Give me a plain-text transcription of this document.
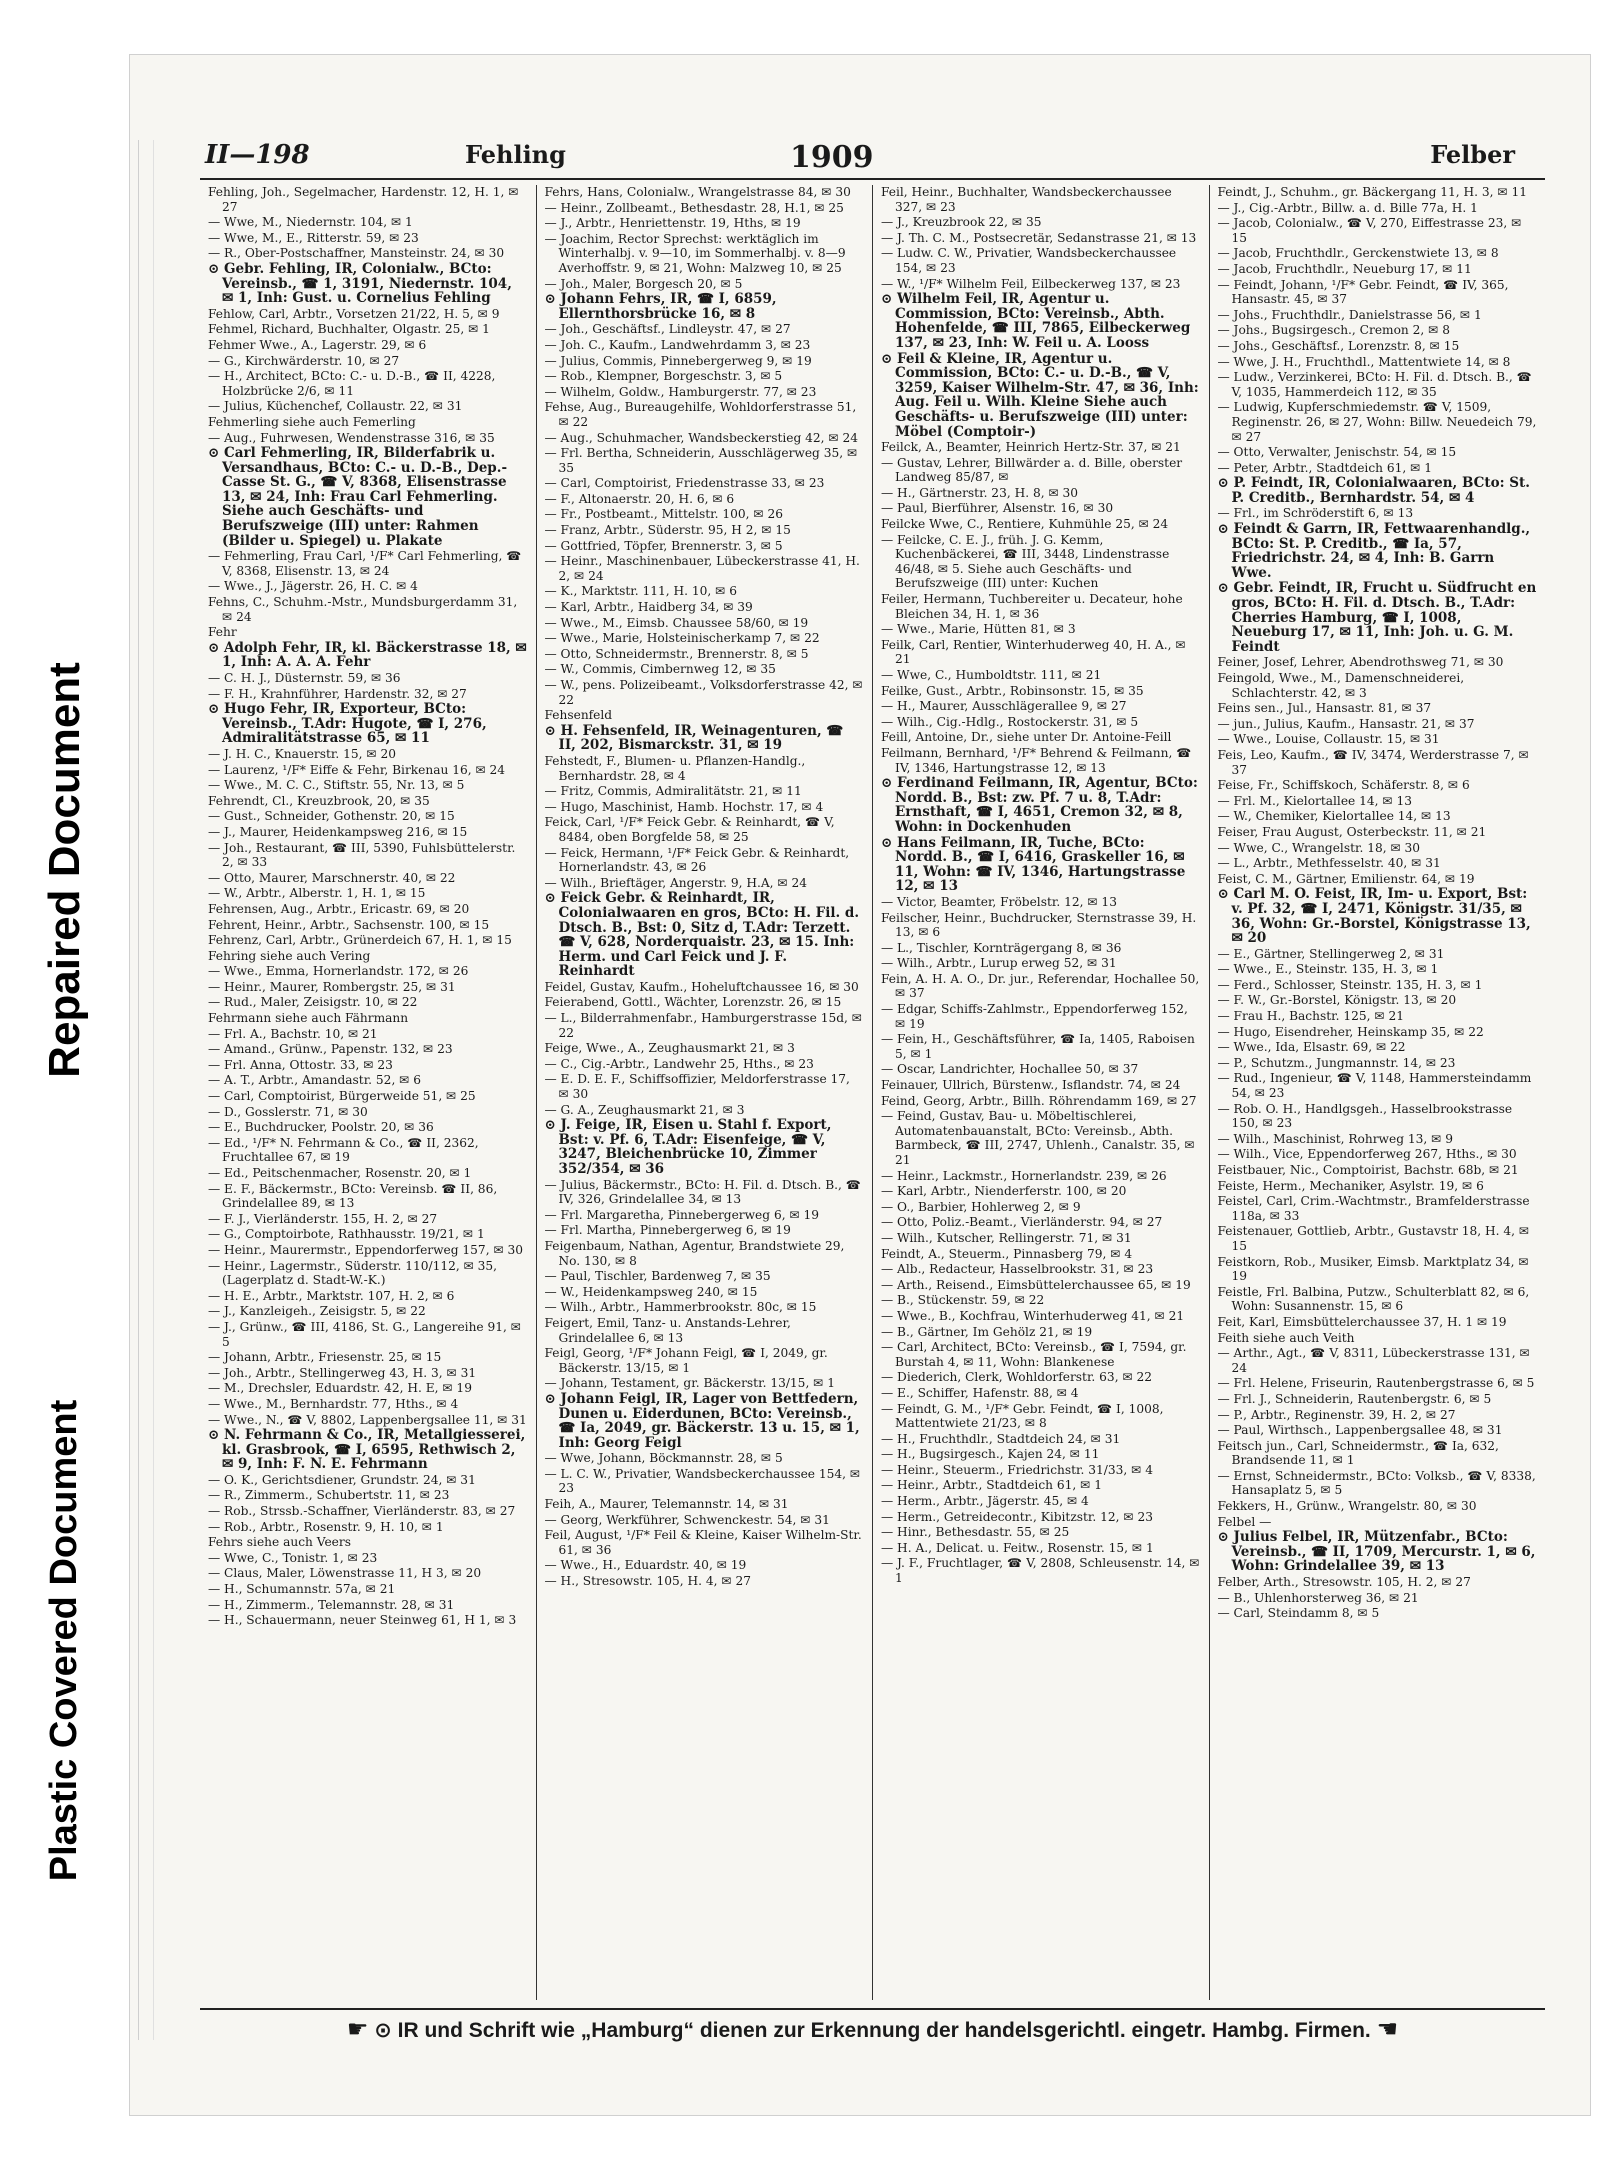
Repaired Document
Plastic Covered Document
II—198	Fehling	1909	Felber
Fehling, Joh., Segelmacher, Hardenstr. 12, H. 1, ✉ 27
— Wwe, M., Niedernstr. 104, ✉ 1
— Wwe, M., E., Ritterstr. 59, ✉ 23
— R., Ober-Postschaffner, Mansteinstr. 24, ✉ 30
⊙ Gebr. Fehling, IR, Colonialw., BCto: Vereinsb., ☎ 1, 3191, Niedernstr. 104, ✉ 1, Inh: Gust. u. Cornelius Fehling
Fehlow, Carl, Arbtr., Vorsetzen 21/22, H. 5, ✉ 9
Fehmel, Richard, Buchhalter, Olgastr. 25, ✉ 1
Fehmer Wwe., A., Lagerstr. 29, ✉ 6
— G., Kirchwärderstr. 10, ✉ 27
— H., Architect, BCto: C.- u. D.-B., ☎ II, 4228, Holzbrücke 2/6, ✉ 11
— Julius, Küchenchef, Collaustr. 22, ✉ 31
Fehmerling siehe auch Femerling
— Aug., Fuhrwesen, Wendenstrasse 316, ✉ 35
⊙ Carl Fehmerling, IR, Bilderfabrik u. Versandhaus, BCto: C.- u. D.-B., Dep.-Casse St. G., ☎ V, 8368, Elisenstrasse 13, ✉ 24, Inh: Frau Carl Fehmerling. Siehe auch Geschäfts- und Berufszweige (III) unter: Rahmen (Bilder u. Spiegel) u. Plakate
— Fehmerling, Frau Carl, ¹/F* Carl Fehmerling, ☎ V, 8368, Elisenstr. 13, ✉ 24
— Wwe., J., Jägerstr. 26, H. C. ✉ 4
Fehns, C., Schuhm.-Mstr., Mundsburgerdamm 31, ✉ 24
Fehr
⊙ Adolph Fehr, IR, kl. Bäckerstrasse 18, ✉ 1, Inh: A. A. A. Fehr
— C. H. J., Düsternstr. 59, ✉ 36
— F. H., Krahnführer, Hardenstr. 32, ✉ 27
⊙ Hugo Fehr, IR, Exporteur, BCto: Vereinsb., T.Adr: Hugote, ☎ I, 276, Admiralitätstrasse 65, ✉ 11
— J. H. C., Knauerstr. 15, ✉ 20
— Laurenz, ¹/F* Eiffe & Fehr, Birkenau 16, ✉ 24
— Wwe., M. C. C., Stiftstr. 55, Nr. 13, ✉ 5
Fehrendt, Cl., Kreuzbrook, 20, ✉ 35
— Gust., Schneider, Gothenstr. 20, ✉ 15
— J., Maurer, Heidenkampsweg 216, ✉ 15
— Joh., Restaurant, ☎ III, 5390, Fuhlsbüttelerstr. 2, ✉ 33
— Otto, Maurer, Marschnerstr. 40, ✉ 22
— W., Arbtr., Alberstr. 1, H. 1, ✉ 15
Fehrensen, Aug., Arbtr., Ericastr. 69, ✉ 20
Fehrent, Heinr., Arbtr., Sachsenstr. 100, ✉ 15
Fehrenz, Carl, Arbtr., Grünerdeich 67, H. 1, ✉ 15
Fehring siehe auch Vering
— Wwe., Emma, Hornerlandstr. 172, ✉ 26
— Heinr., Maurer, Rombergstr. 25, ✉ 31
— Rud., Maler, Zeisigstr. 10, ✉ 22
Fehrmann siehe auch Fährmann
— Frl. A., Bachstr. 10, ✉ 21
— Amand., Grünw., Papenstr. 132, ✉ 23
— Frl. Anna, Ottostr. 33, ✉ 23
— A. T., Arbtr., Amandastr. 52, ✉ 6
— Carl, Comptoirist, Bürgerweide 51, ✉ 25
— D., Gosslerstr. 71, ✉ 30
— E., Buchdrucker, Poolstr. 20, ✉ 36
— Ed., ¹/F* N. Fehrmann & Co., ☎ II, 2362, Fruchtallee 67, ✉ 19
— Ed., Peitschenmacher, Rosenstr. 20, ✉ 1
— E. F., Bäckermstr., BCto: Vereinsb. ☎ II, 86, Grindelallee 89, ✉ 13
— F. J., Vierländerstr. 155, H. 2, ✉ 27
— G., Comptoirbote, Rathhausstr. 19/21, ✉ 1
— Heinr., Maurermstr., Eppendorferweg 157, ✉ 30
— Heinr., Lagermstr., Süderstr. 110/112, ✉ 35, (Lagerplatz d. Stadt-W.-K.)
— H. E., Arbtr., Marktstr. 107, H. 2, ✉ 6
— J., Kanzleigeh., Zeisigstr. 5, ✉ 22
— J., Grünw., ☎ III, 4186, St. G., Langereihe 91, ✉ 5
— Johann, Arbtr., Friesenstr. 25, ✉ 15
— Joh., Arbtr., Stellingerweg 43, H. 3, ✉ 31
— M., Drechsler, Eduardstr. 42, H. E, ✉ 19
— Wwe., M., Bernhardstr. 77, Hths., ✉ 4
— Wwe., N., ☎ V, 8802, Lappenbergsallee 11, ✉ 31
⊙ N. Fehrmann & Co., IR, Metallgiesserei, kl. Grasbrook, ☎ I, 6595, Rethwisch 2, ✉ 9, Inh: F. N. E. Fehrmann
— O. K., Gerichtsdiener, Grundstr. 24, ✉ 31
— R., Zimmerm., Schubertstr. 11, ✉ 23
— Rob., Strssb.-Schaffner, Vierländerstr. 83, ✉ 27
— Rob., Arbtr., Rosenstr. 9, H. 10, ✉ 1
Fehrs siehe auch Veers
— Wwe, C., Tonistr. 1, ✉ 23
— Claus, Maler, Löwenstrasse 11, H 3, ✉ 20
— H., Schumannstr. 57a, ✉ 21
— H., Zimmerm., Telemannstr. 28, ✉ 31
— H., Schauermann, neuer Steinweg 61, H 1, ✉ 3
Fehrs, Hans, Colonialw., Wrangelstrasse 84, ✉ 30
— Heinr., Zollbeamt., Bethesdastr. 28, H.1, ✉ 25
— J., Arbtr., Henriettenstr. 19, Hths, ✉ 19
— Joachim, Rector Sprechst: werktäglich im Winterhalbj. v. 9—10, im Sommerhalbj. v. 8—9 Averhoffstr. 9, ✉ 21, Wohn: Malzweg 10, ✉ 25
— Joh., Maler, Borgesch 20, ✉ 5
⊙ Johann Fehrs, IR, ☎ I, 6859, Ellernthorsbrücke 16, ✉ 8
— Joh., Geschäftsf., Lindleystr. 47, ✉ 27
— Joh. C., Kaufm., Landwehrdamm 3, ✉ 23
— Julius, Commis, Pinnebergerweg 9, ✉ 19
— Rob., Klempner, Borgeschstr. 3, ✉ 5
— Wilhelm, Goldw., Hamburgerstr. 77, ✉ 23
Fehse, Aug., Bureaugehilfe, Wohldorferstrasse 51, ✉ 22
— Aug., Schuhmacher, Wandsbeckerstieg 42, ✉ 24
— Frl. Bertha, Schneiderin, Ausschlägerweg 35, ✉ 35
— Carl, Comptoirist, Friedenstrasse 33, ✉ 23
— F., Altonaerstr. 20, H. 6, ✉ 6
— Fr., Postbeamt., Mittelstr. 100, ✉ 26
— Franz, Arbtr., Süderstr. 95, H 2, ✉ 15
— Gottfried, Töpfer, Brennerstr. 3, ✉ 5
— Heinr., Maschinenbauer, Lübeckerstrasse 41, H. 2, ✉ 24
— K., Marktstr. 111, H. 10, ✉ 6
— Karl, Arbtr., Haidberg 34, ✉ 39
— Wwe., M., Eimsb. Chaussee 58/60, ✉ 19
— Wwe., Marie, Holsteinischerkamp 7, ✉ 22
— Otto, Schneidermstr., Brennerstr. 8, ✉ 5
— W., Commis, Cimbernweg 12, ✉ 35
— W., pens. Polizeibeamt., Volksdorferstrasse 42, ✉ 22
Fehsenfeld
⊙ H. Fehsenfeld, IR, Weinagenturen, ☎ II, 202, Bismarckstr. 31, ✉ 19
Fehstedt, F., Blumen- u. Pflanzen-Handlg., Bernhardstr. 28, ✉ 4
— Fritz, Commis, Admiralitätstr. 21, ✉ 11
— Hugo, Maschinist, Hamb. Hochstr. 17, ✉ 4
Feick, Carl, ¹/F* Feick Gebr. & Reinhardt, ☎ V, 8484, oben Borgfelde 58, ✉ 25
— Feick, Hermann, ¹/F* Feick Gebr. & Reinhardt, Hornerlandstr. 43, ✉ 26
— Wilh., Brieftäger, Angerstr. 9, H.A, ✉ 24
⊙ Feick Gebr. & Reinhardt, IR, Colonialwaaren en gros, BCto: H. Fil. d. Dtsch. B., Bst: 0, Sitz d, T.Adr: Terzett. ☎ V, 628, Norderquaistr. 23, ✉ 15. Inh: Herm. und Carl Feick und J. F. Reinhardt
Feidel, Gustav, Kaufm., Hoheluftchaussee 16, ✉ 30
Feierabend, Gottl., Wächter, Lorenzstr. 26, ✉ 15
— L., Bilderrahmenfabr., Hamburgerstrasse 15d, ✉ 22
Feige, Wwe., A., Zeughausmarkt 21, ✉ 3
— C., Cig.-Arbtr., Landwehr 25, Hths., ✉ 23
— E. D. E. F., Schiffsoffizier, Meldorferstrasse 17, ✉ 30
— G. A., Zeughausmarkt 21, ✉ 3
⊙ J. Feige, IR, Eisen u. Stahl f. Export, Bst: v. Pf. 6, T.Adr: Eisenfeige, ☎ V, 3247, Bleichenbrücke 10, Zimmer 352/354, ✉ 36
— Julius, Bäckermstr., BCto: H. Fil. d. Dtsch. B., ☎ IV, 326, Grindelallee 34, ✉ 13
— Frl. Margaretha, Pinnebergerweg 6, ✉ 19
— Frl. Martha, Pinnebergerweg 6, ✉ 19
Feigenbaum, Nathan, Agentur, Brandstwiete 29, No. 130, ✉ 8
— Paul, Tischler, Bardenweg 7, ✉ 35
— W., Heidenkampsweg 240, ✉ 15
— Wilh., Arbtr., Hammerbrookstr. 80c, ✉ 15
Feigert, Emil, Tanz- u. Anstands-Lehrer, Grindelallee 6, ✉ 13
Feigl, Georg, ¹/F* Johann Feigl, ☎ I, 2049, gr. Bäckerstr. 13/15, ✉ 1
— Johann, Testament, gr. Bäckerstr. 13/15, ✉ 1
⊙ Johann Feigl, IR, Lager von Bettfedern, Dunen u. Eiderdunen, BCto: Vereinsb., ☎ Ia, 2049, gr. Bäckerstr. 13 u. 15, ✉ 1, Inh: Georg Feigl
— Wwe, Johann, Böckmannstr. 28, ✉ 5
— L. C. W., Privatier, Wandsbeckerchaussee 154, ✉ 23
Feih, A., Maurer, Telemannstr. 14, ✉ 31
— Georg, Werkführer, Schwenckestr. 54, ✉ 31
Feil, August, ¹/F* Feil & Kleine, Kaiser Wilhelm-Str. 61, ✉ 36
— Wwe., H., Eduardstr. 40, ✉ 19
— H., Stresowstr. 105, H. 4, ✉ 27
Feil, Heinr., Buchhalter, Wandsbeckerchaussee 327, ✉ 23
— J., Kreuzbrook 22, ✉ 35
— J. Th. C. M., Postsecretär, Sedanstrasse 21, ✉ 13
— Ludw. C. W., Privatier, Wandsbeckerchaussee 154, ✉ 23
— W., ¹/F* Wilhelm Feil, Eilbeckerweg 137, ✉ 23
⊙ Wilhelm Feil, IR, Agentur u. Commission, BCto: Vereinsb., Abth. Hohenfelde, ☎ III, 7865, Eilbeckerweg 137, ✉ 23, Inh: W. Feil u. A. Looss
⊙ Feil & Kleine, IR, Agentur u. Commission, BCto: C.- u. D.-B., ☎ V, 3259, Kaiser Wilhelm-Str. 47, ✉ 36, Inh: Aug. Feil u. Wilh. Kleine Siehe auch Geschäfts- u. Berufszweige (III) unter: Möbel (Comptoir-)
Feilck, A., Beamter, Heinrich Hertz-Str. 37, ✉ 21
— Gustav, Lehrer, Billwärder a. d. Bille, oberster Landweg 85/87, ✉
— H., Gärtnerstr. 23, H. 8, ✉ 30
— Paul, Bierführer, Alsenstr. 16, ✉ 30
Feilcke Wwe, C., Rentiere, Kuhmühle 25, ✉ 24
— Feilcke, C. E. J., früh. J. G. Kemm, Kuchenbäckerei, ☎ III, 3448, Lindenstrasse 46/48, ✉ 5. Siehe auch Geschäfts- und Berufszweige (III) unter: Kuchen
Feiler, Hermann, Tuchbereiter u. Decateur, hohe Bleichen 34, H. 1, ✉ 36
— Wwe., Marie, Hütten 81, ✉ 3
Feilk, Carl, Rentier, Winterhuderweg 40, H. A., ✉ 21
— Wwe, C., Humboldtstr. 111, ✉ 21
Feilke, Gust., Arbtr., Robinsonstr. 15, ✉ 35
— H., Maurer, Ausschlägerallee 9, ✉ 27
— Wilh., Cig.-Hdlg., Rostockerstr. 31, ✉ 5
Feill, Antoine, Dr., siehe unter Dr. Antoine-Feill
Feilmann, Bernhard, ¹/F* Behrend & Feilmann, ☎ IV, 1346, Hartungstrasse 12, ✉ 13
⊙ Ferdinand Feilmann, IR, Agentur, BCto: Nordd. B., Bst: zw. Pf. 7 u. 8, T.Adr: Ernsthaft, ☎ I, 4651, Cremon 32, ✉ 8, Wohn: in Dockenhuden
⊙ Hans Feilmann, IR, Tuche, BCto: Nordd. B., ☎ I, 6416, Graskeller 16, ✉ 11, Wohn: ☎ IV, 1346, Hartungstrasse 12, ✉ 13
— Victor, Beamter, Fröbelstr. 12, ✉ 13
Feilscher, Heinr., Buchdrucker, Sternstrasse 39, H. 13, ✉ 6
— L., Tischler, Kornträgergang 8, ✉ 36
— Wilh., Arbtr., Lurup erweg 52, ✉ 31
Fein, A. H. A. O., Dr. jur., Referendar, Hochallee 50, ✉ 37
— Edgar, Schiffs-Zahlmstr., Eppendorferweg 152, ✉ 19
— Fein, H., Geschäftsführer, ☎ Ia, 1405, Raboisen 5, ✉ 1
— Oscar, Landrichter, Hochallee 50, ✉ 37
Feinauer, Ullrich, Bürstenw., Isflandstr. 74, ✉ 24
Feind, Georg, Arbtr., Billh. Röhrendamm 169, ✉ 27
— Feind, Gustav, Bau- u. Möbeltischlerei, Automatenbauanstalt, BCto: Vereinsb., Abth. Barmbeck, ☎ III, 2747, Uhlenh., Canalstr. 35, ✉ 21
— Heinr., Lackmstr., Hornerlandstr. 239, ✉ 26
— Karl, Arbtr., Nienderferstr. 100, ✉ 20
— O., Barbier, Hohlerweg 2, ✉ 9
— Otto, Poliz.-Beamt., Vierländerstr. 94, ✉ 27
— Wilh., Kutscher, Rellingerstr. 71, ✉ 31
Feindt, A., Steuerm., Pinnasberg 79, ✉ 4
— Alb., Redacteur, Hasselbrookstr. 31, ✉ 23
— Arth., Reisend., Eimsbüttelerchaussee 65, ✉ 19
— B., Stückenstr. 59, ✉ 22
— Wwe., B., Kochfrau, Winterhuderweg 41, ✉ 21
— B., Gärtner, Im Gehölz 21, ✉ 19
— Carl, Architect, BCto: Vereinsb., ☎ I, 7594, gr. Burstah 4, ✉ 11, Wohn: Blankenese
— Diederich, Clerk, Wohldorferstr. 63, ✉ 22
— E., Schiffer, Hafenstr. 88, ✉ 4
— Feindt, G. M., ¹/F* Gebr. Feindt, ☎ I, 1008, Mattentwiete 21/23, ✉ 8
— H., Fruchthdlr., Stadtdeich 24, ✉ 31
— H., Bugsirgesch., Kajen 24, ✉ 11
— Heinr., Steuerm., Friedrichstr. 31/33, ✉ 4
— Heinr., Arbtr., Stadtdeich 61, ✉ 1
— Herm., Arbtr., Jägerstr. 45, ✉ 4
— Herm., Getreidecontr., Kibitzstr. 12, ✉ 23
— Hinr., Bethesdastr. 55, ✉ 25
— H. A., Delicat. u. Feitw., Rosenstr. 15, ✉ 1
— J. F., Fruchtlager, ☎ V, 2808, Schleusenstr. 14, ✉ 1
Feindt, J., Schuhm., gr. Bäckergang 11, H. 3, ✉ 11
— J., Cig.-Arbtr., Billw. a. d. Bille 77a, H. 1
— Jacob, Colonialw., ☎ V, 270, Eiffestrasse 23, ✉ 15
— Jacob, Fruchthdlr., Gerckenstwiete 13, ✉ 8
— Jacob, Fruchthdlr., Neueburg 17, ✉ 11
— Feindt, Johann, ¹/F* Gebr. Feindt, ☎ IV, 365, Hansastr. 45, ✉ 37
— Johs., Fruchthdlr., Danielstrasse 56, ✉ 1
— Johs., Bugsirgesch., Cremon 2, ✉ 8
— Johs., Geschäftsf., Lorenzstr. 8, ✉ 15
— Wwe, J. H., Fruchthdl., Mattentwiete 14, ✉ 8
— Ludw., Verzinkerei, BCto: H. Fil. d. Dtsch. B., ☎ V, 1035, Hammerdeich 112, ✉ 35
— Ludwig, Kupferschmiedemstr. ☎ V, 1509, Reginenstr. 26, ✉ 27, Wohn: Billw. Neuedeich 79, ✉ 27
— Otto, Verwalter, Jenischstr. 54, ✉ 15
— Peter, Arbtr., Stadtdeich 61, ✉ 1
⊙ P. Feindt, IR, Colonialwaaren, BCto: St. P. Creditb., Bernhardstr. 54, ✉ 4
— Frl., im Schröderstift 6, ✉ 13
⊙ Feindt & Garrn, IR, Fettwaarenhandlg., BCto: St. P. Creditb., ☎ Ia, 57, Friedrichstr. 24, ✉ 4, Inh: B. Garrn Wwe.
⊙ Gebr. Feindt, IR, Frucht u. Südfrucht en gros, BCto: H. Fil. d. Dtsch. B., T.Adr: Cherries Hamburg, ☎ I, 1008, Neueburg 17, ✉ 11, Inh: Joh. u. G. M. Feindt
Feiner, Josef, Lehrer, Abendrothsweg 71, ✉ 30
Feingold, Wwe., M., Damenschneiderei, Schlachterstr. 42, ✉ 3
Feins sen., Jul., Hansastr. 81, ✉ 37
— jun., Julius, Kaufm., Hansastr. 21, ✉ 37
— Wwe., Louise, Collaustr. 15, ✉ 31
Feis, Leo, Kaufm., ☎ IV, 3474, Werderstrasse 7, ✉ 37
Feise, Fr., Schiffskoch, Schäferstr. 8, ✉ 6
— Frl. M., Kielortallee 14, ✉ 13
— W., Chemiker, Kielortallee 14, ✉ 13
Feiser, Frau August, Osterbeckstr. 11, ✉ 21
— Wwe, C., Wrangelstr. 18, ✉ 30
— L., Arbtr., Methfesselstr. 40, ✉ 31
Feist, C. M., Gärtner, Emilienstr. 64, ✉ 19
⊙ Carl M. O. Feist, IR, Im- u. Export, Bst: v. Pf. 32, ☎ I, 2471, Königstr. 31/35, ✉ 36, Wohn: Gr.-Borstel, Königstrasse 13, ✉ 20
— E., Gärtner, Stellingerweg 2, ✉ 31
— Wwe., E., Steinstr. 135, H. 3, ✉ 1
— Ferd., Schlosser, Steinstr. 135, H. 3, ✉ 1
— F. W., Gr.-Borstel, Königstr. 13, ✉ 20
— Frau H., Bachstr. 125, ✉ 21
— Hugo, Eisendreher, Heinskamp 35, ✉ 22
— Wwe., Ida, Elsastr. 69, ✉ 22
— P., Schutzm., Jungmannstr. 14, ✉ 23
— Rud., Ingenieur, ☎ V, 1148, Hammersteindamm 54, ✉ 23
— Rob. O. H., Handlgsgeh., Hasselbrookstrasse 150, ✉ 23
— Wilh., Maschinist, Rohrweg 13, ✉ 9
— Wilh., Vice, Eppendorferweg 267, Hths., ✉ 30
Feistbauer, Nic., Comptoirist, Bachstr. 68b, ✉ 21
Feiste, Herm., Mechaniker, Asylstr. 19, ✉ 6
Feistel, Carl, Crim.-Wachtmstr., Bramfelderstrasse 118a, ✉ 33
Feistenauer, Gottlieb, Arbtr., Gustavstr 18, H. 4, ✉ 15
Feistkorn, Rob., Musiker, Eimsb. Marktplatz 34, ✉ 19
Feistle, Frl. Balbina, Putzw., Schulterblatt 82, ✉ 6, Wohn: Susannenstr. 15, ✉ 6
Feit, Karl, Eimsbüttelerchaussee 37, H. 1 ✉ 19
Feith siehe auch Veith
— Arthr., Agt., ☎ V, 8311, Lübeckerstrasse 131, ✉ 24
— Frl. Helene, Friseurin, Rautenbergstrasse 6, ✉ 5
— Frl. J., Schneiderin, Rautenbergstr. 6, ✉ 5
— P., Arbtr., Reginenstr. 39, H. 2, ✉ 27
— Paul, Wirthsch., Lappenbergsallee 48, ✉ 31
Feitsch jun., Carl, Schneidermstr., ☎ Ia, 632, Brandsende 11, ✉ 1
— Ernst, Schneidermstr., BCto: Volksb., ☎ V, 8338, Hansaplatz 5, ✉ 5
Fekkers, H., Grünw., Wrangelstr. 80, ✉ 30
Felbel —
⊙ Julius Felbel, IR, Mützenfabr., BCto: Vereinsb., ☎ II, 1709, Mercurstr. 1, ✉ 6, Wohn: Grindelallee 39, ✉ 13
Felber, Arth., Stresowstr. 105, H. 2, ✉ 27
— B., Uhlenhorsterweg 36, ✉ 21
— Carl, Steindamm 8, ✉ 5
☛ ⊙ IR und Schrift wie „Hamburg“ dienen zur Erkennung der handelsgerichtl. eingetr. Hambg. Firmen. ☚
